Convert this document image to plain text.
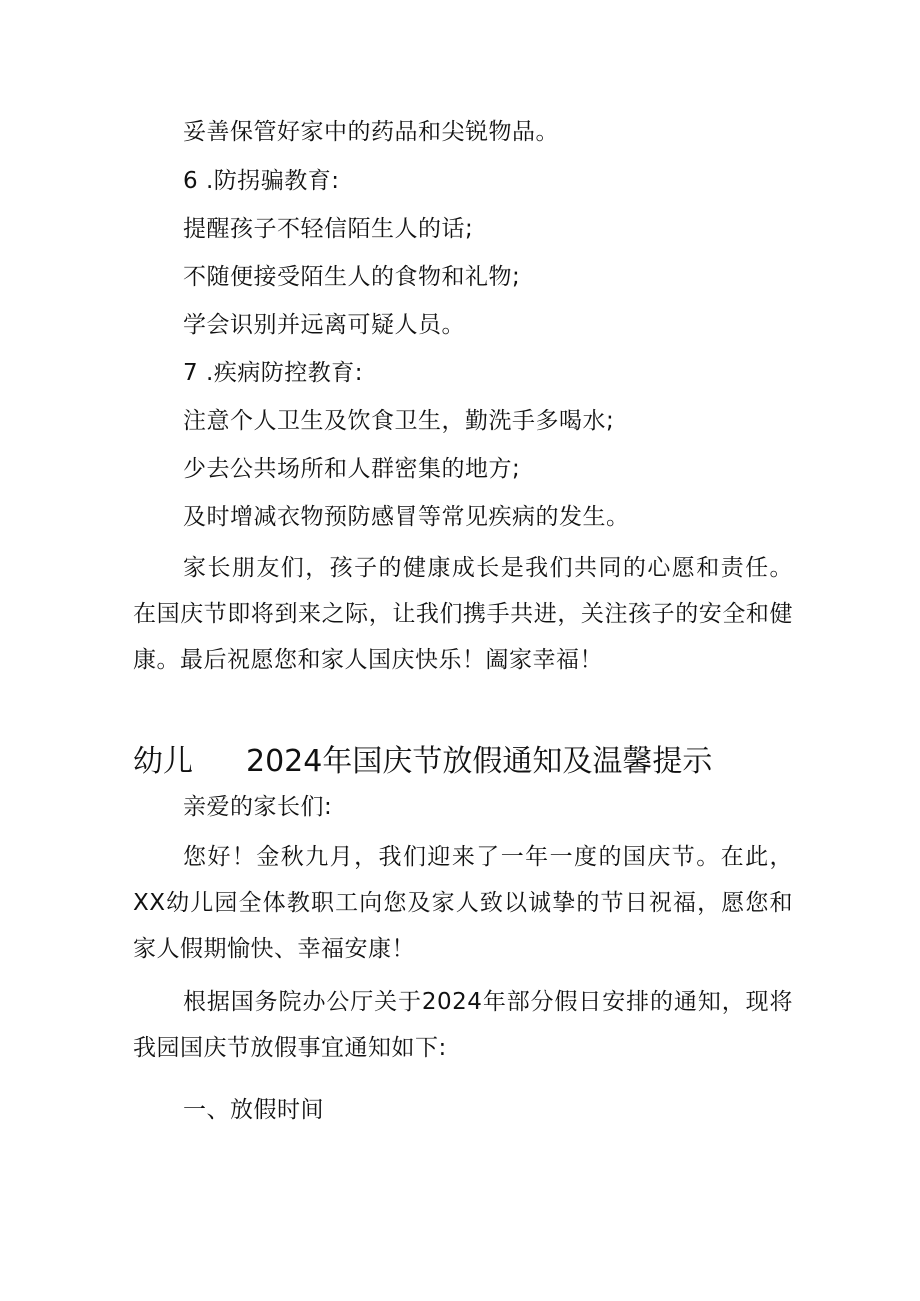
妥善保管好家中的药品和尖锐物品。
6 .防拐骗教育:
提醒孩子不轻信陌生人的话;
不随便接受陌生人的食物和礼物;
学会识别并远离可疑人员。
7 .疾病防控教育:
注意个人卫生及饮食卫生，勤洗手多喝水;
少去公共场所和人群密集的地方;
及时增减衣物预防感冒等常见疾病的发生。
家长朋友们，孩子的健康成长是我们共同的心愿和责任。在国庆节即将到来之际，让我们携手共进，关注孩子的安全和健康。最后祝愿您和家人国庆快乐！阖家幸福！
幼儿 2024年国庆节放假通知及温馨提示
亲爱的家长们:
您好！金秋九月，我们迎来了一年一度的国庆节。在此，XX幼儿园全体教职工向您及家人致以诚挚的节日祝福，愿您和家人假期愉快、幸福安康！
根据国务院办公厅关于2024年部分假日安排的通知，现将我园国庆节放假事宜通知如下:
一、放假时间
